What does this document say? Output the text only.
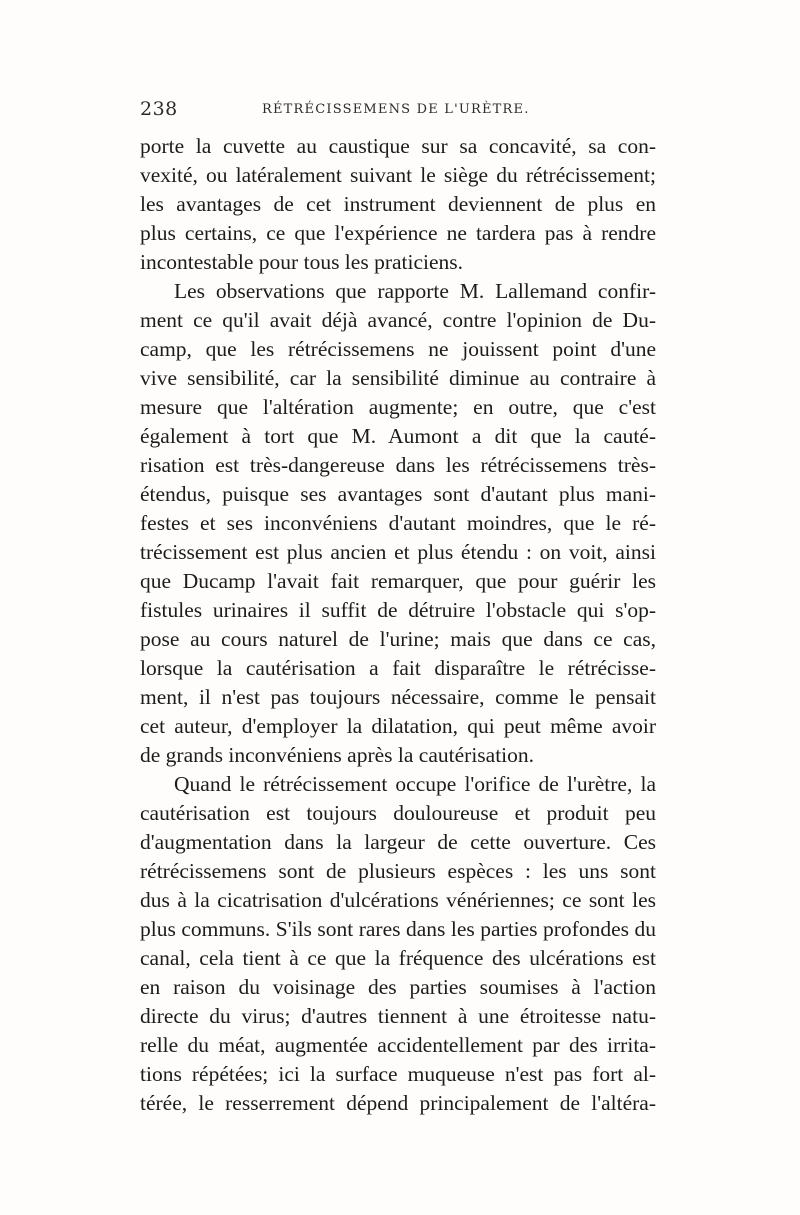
238	RÉTRÉCISSEMENS DE L'URÈTRE.
porte la cuvette au caustique sur sa concavité, sa con-
vexité, ou latéralement suivant le siège du rétrécissement;
les avantages de cet instrument deviennent de plus en
plus certains, ce que l'expérience ne tardera pas à rendre
incontestable pour tous les praticiens.
Les observations que rapporte M. Lallemand confir-
ment ce qu'il avait déjà avancé, contre l'opinion de Du-
camp, que les rétrécissemens ne jouissent point d'une
vive sensibilité, car la sensibilité diminue au contraire à
mesure que l'altération augmente; en outre, que c'est
également à tort que M. Aumont a dit que la cauté-
risation est très-dangereuse dans les rétrécissemens très-
étendus, puisque ses avantages sont d'autant plus mani-
festes et ses inconvéniens d'autant moindres, que le ré-
trécissement est plus ancien et plus étendu : on voit, ainsi
que Ducamp l'avait fait remarquer, que pour guérir les
fistules urinaires il suffit de détruire l'obstacle qui s'op-
pose au cours naturel de l'urine; mais que dans ce cas,
lorsque la cautérisation a fait disparaître le rétrécisse-
ment, il n'est pas toujours nécessaire, comme le pensait
cet auteur, d'employer la dilatation, qui peut même avoir
de grands inconvéniens après la cautérisation.
Quand le rétrécissement occupe l'orifice de l'urètre, la
cautérisation est toujours douloureuse et produit peu
d'augmentation dans la largeur de cette ouverture. Ces
rétrécissemens sont de plusieurs espèces : les uns sont
dus à la cicatrisation d'ulcérations vénériennes; ce sont les
plus communs. S'ils sont rares dans les parties profondes du
canal, cela tient à ce que la fréquence des ulcérations est
en raison du voisinage des parties soumises à l'action
directe du virus; d'autres tiennent à une étroitesse natu-
relle du méat, augmentée accidentellement par des irrita-
tions répétées; ici la surface muqueuse n'est pas fort al-
térée, le resserrement dépend principalement de l'altéra-
